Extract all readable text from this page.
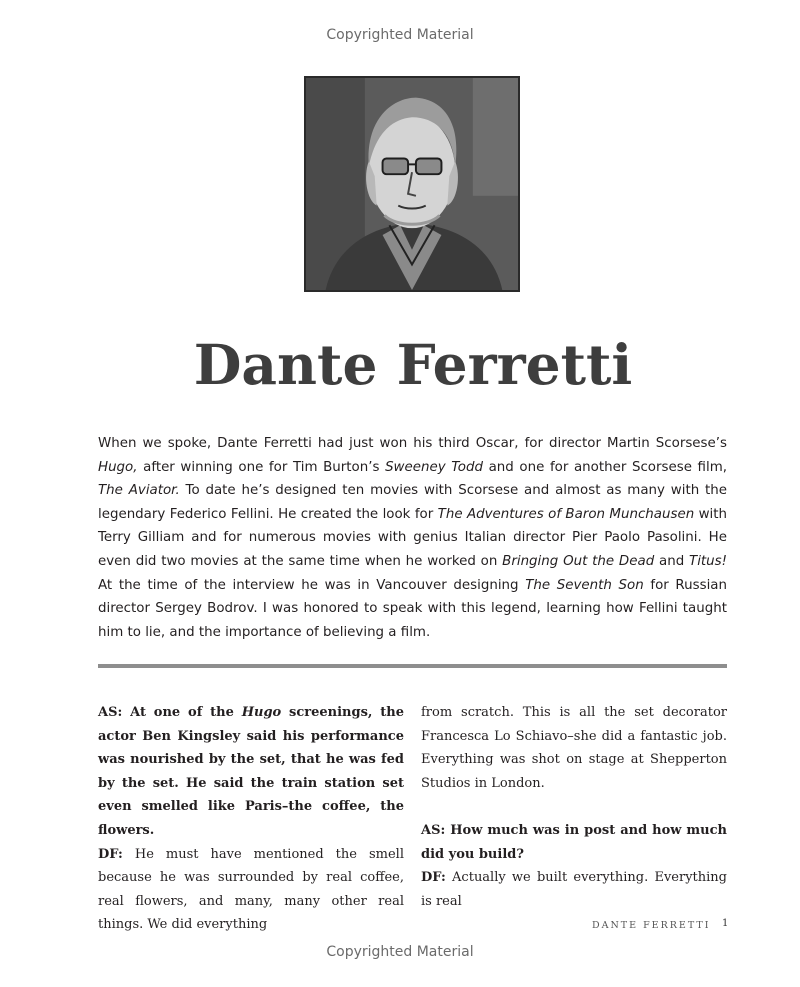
Copyrighted Material
Dante Ferretti

When we spoke, Dante Ferretti had just won his third Oscar, for director Martin Scorsese’s Hugo, after winning one for Tim Burton’s Sweeney Todd and one for another Scorsese film, The Aviator. To date he’s designed ten movies with Scorsese and almost as many with the legendary Federico Fellini. He created the look for The Adventures of Baron Munchausen with Terry Gilliam and for numerous movies with genius Italian director Pier Paolo Pasolini. He even did two movies at the same time when he worked on Bringing Out the Dead and Titus! At the time of the interview he was in Vancouver designing The Seventh Son for Russian director Sergey Bodrov. I was honored to speak with this legend, learning how Fellini taught him to lie, and the importance of believing a film.

AS: At one of the Hugo screenings, the actor Ben Kingsley said his performance was nourished by the set, that he was fed by the set. He said the train station set even smelled like Paris–the coffee, the flowers.

DF: He must have mentioned the smell because he was surrounded by real coffee, real flowers, and many, many other real things. We did everything

from scratch. This is all the set decorator Francesca Lo Schiavo–she did a fantastic job. Everything was shot on stage at Shepperton Studios in London.

AS: How much was in post and how much did you build?

DF: Actually we built everything. Everything is real

DANTE FERRETTI 1
Copyrighted Material
